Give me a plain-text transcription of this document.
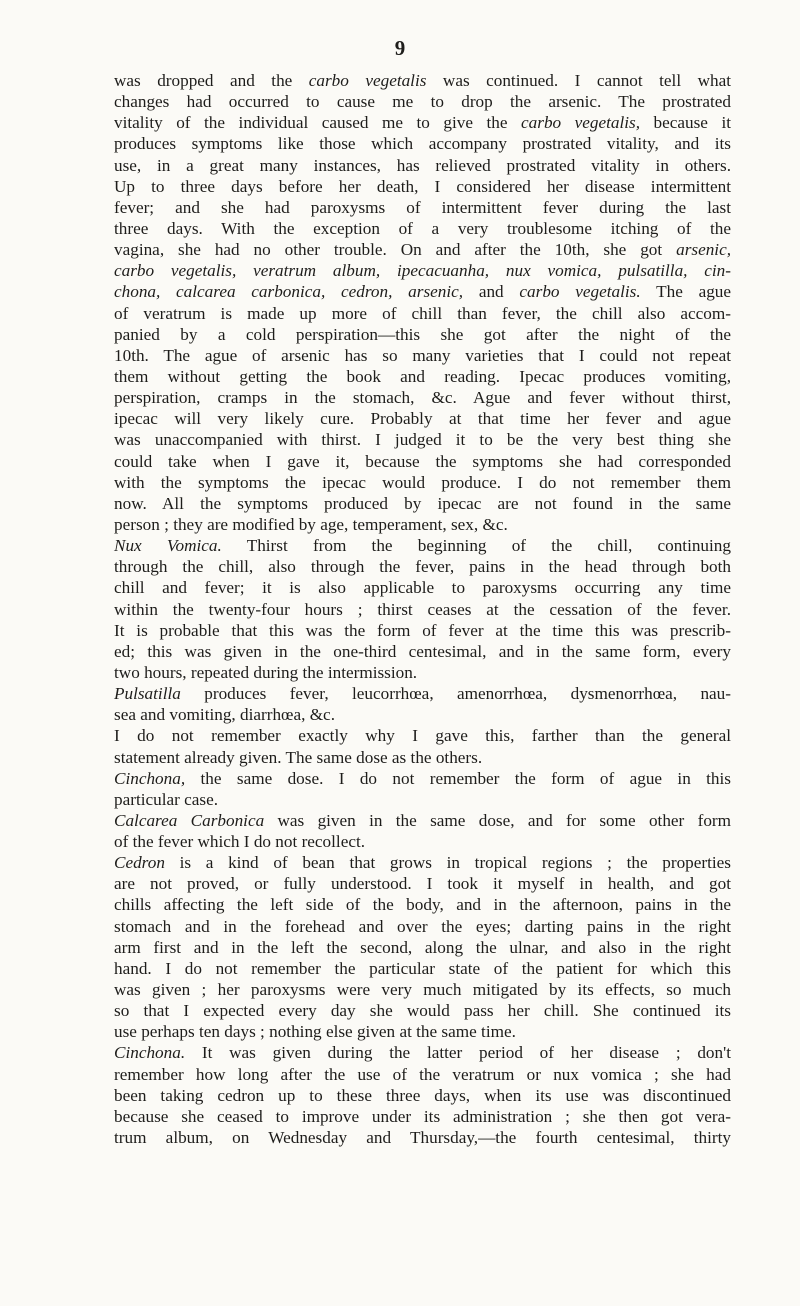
9
was dropped and the carbo vegetalis was continued. I cannot tell what
changes had occurred to cause me to drop the arsenic. The prostrated
vitality of the individual caused me to give the carbo vegetalis, because it
produces symptoms like those which accompany prostrated vitality, and its
use, in a great many instances, has relieved prostrated vitality in others.
Up to three days before her death, I considered her disease intermittent
fever; and she had paroxysms of intermittent fever during the last
three days. With the exception of a very troublesome itching of the
vagina, she had no other trouble. On and after the 10th, she got arsenic,
carbo vegetalis, veratrum album, ipecacuanha, nux vomica, pulsatilla, cin-
chona, calcarea carbonica, cedron, arsenic, and carbo vegetalis. The ague
of veratrum is made up more of chill than fever, the chill also accom-
panied by a cold perspiration—this she got after the night of the
10th. The ague of arsenic has so many varieties that I could not repeat
them without getting the book and reading. Ipecac produces vomiting,
perspiration, cramps in the stomach, &c. Ague and fever without thirst,
ipecac will very likely cure. Probably at that time her fever and ague
was unaccompanied with thirst. I judged it to be the very best thing she
could take when I gave it, because the symptoms she had corresponded
with the symptoms the ipecac would produce. I do not remember them
now. All the symptoms produced by ipecac are not found in the same
person ; they are modified by age, temperament, sex, &c.
Nux Vomica. Thirst from the beginning of the chill, continuing
through the chill, also through the fever, pains in the head through both
chill and fever; it is also applicable to paroxysms occurring any time
within the twenty-four hours ; thirst ceases at the cessation of the fever.
It is probable that this was the form of fever at the time this was prescrib-
ed; this was given in the one-third centesimal, and in the same form, every
two hours, repeated during the intermission.
Pulsatilla produces fever, leucorrhœa, amenorrhœa, dysmenorrhœa, nau-
sea and vomiting, diarrhœa, &c.
I do not remember exactly why I gave this, farther than the general
statement already given. The same dose as the others.
Cinchona, the same dose. I do not remember the form of ague in this
particular case.
Calcarea Carbonica was given in the same dose, and for some other form
of the fever which I do not recollect.
Cedron is a kind of bean that grows in tropical regions ; the properties
are not proved, or fully understood. I took it myself in health, and got
chills affecting the left side of the body, and in the afternoon, pains in the
stomach and in the forehead and over the eyes; darting pains in the right
arm first and in the left the second, along the ulnar, and also in the right
hand. I do not remember the particular state of the patient for which this
was given ; her paroxysms were very much mitigated by its effects, so much
so that I expected every day she would pass her chill. She continued its
use perhaps ten days ; nothing else given at the same time.
Cinchona. It was given during the latter period of her disease ; don't
remember how long after the use of the veratrum or nux vomica ; she had
been taking cedron up to these three days, when its use was discontinued
because she ceased to improve under its administration ; she then got vera-
trum album, on Wednesday and Thursday,—the fourth centesimal, thirty
